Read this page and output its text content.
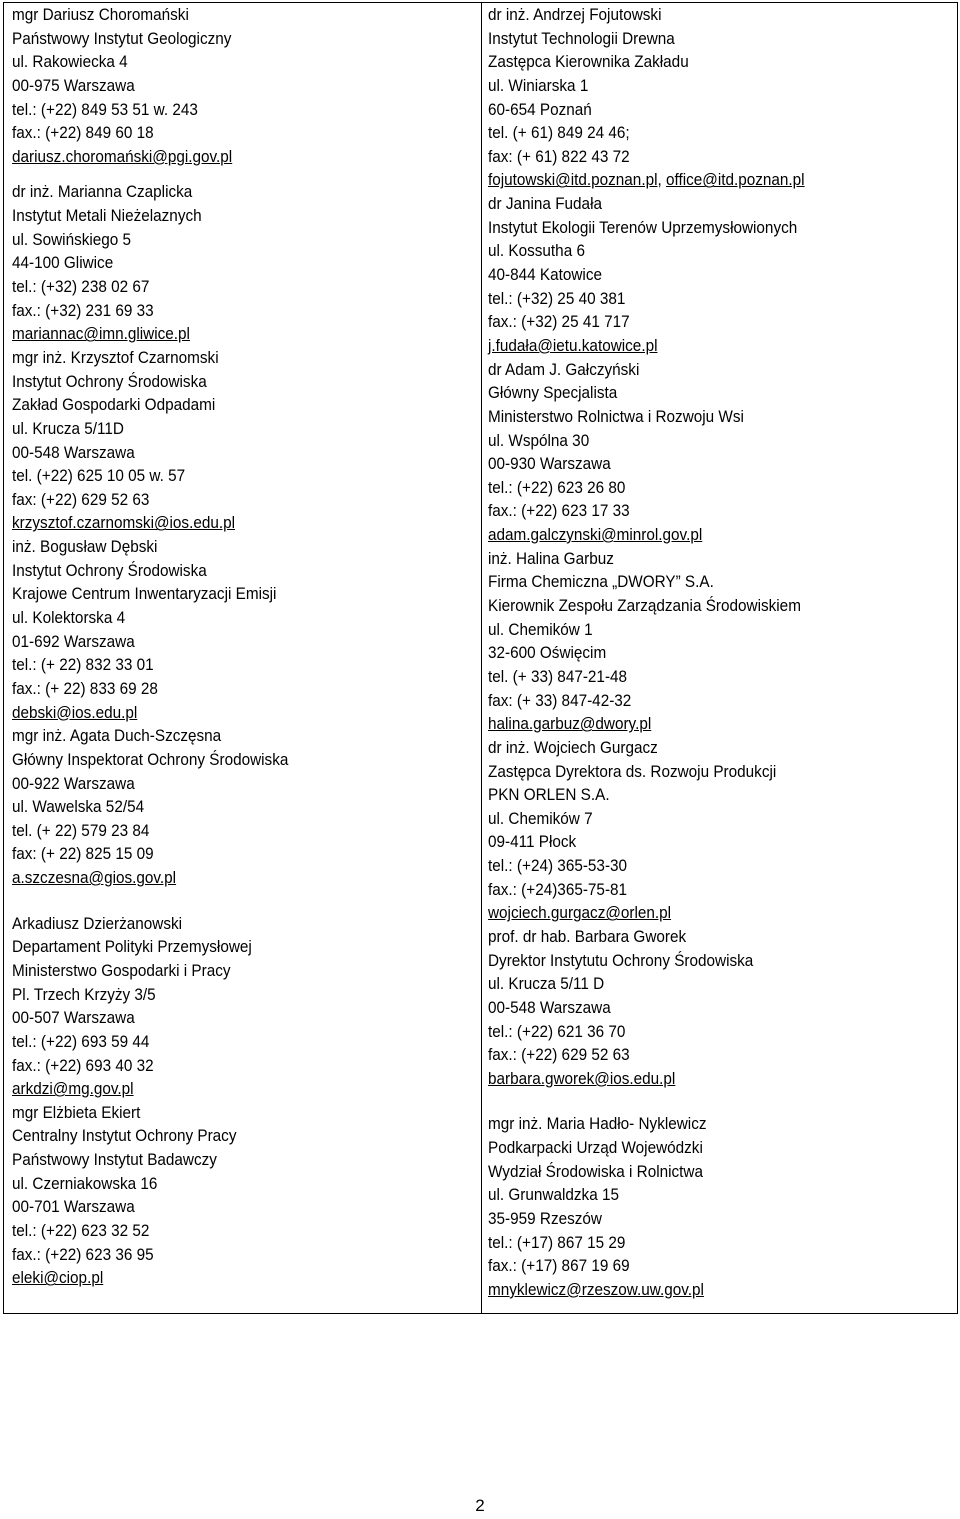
mgr Dariusz Choromański
Państwowy Instytut Geologiczny
ul. Rakowiecka 4
00-975 Warszawa
tel.: (+22) 849 53 51 w. 243
fax.: (+22) 849 60 18
dariusz.choromański@pgi.gov.pl
dr inż. Marianna Czaplicka
Instytut Metali Nieżelaznych
ul. Sowińskiego 5
44-100 Gliwice
tel.: (+32) 238 02 67
fax.: (+32) 231 69 33
mariannac@imn.gliwice.pl
mgr inż. Krzysztof Czarnomski
Instytut Ochrony Środowiska
Zakład Gospodarki Odpadami
ul. Krucza 5/11D
00-548 Warszawa
tel. (+22) 625 10 05 w. 57
fax: (+22) 629 52 63
krzysztof.czarnomski@ios.edu.pl
inż. Bogusław Dębski
Instytut Ochrony Środowiska
Krajowe Centrum Inwentaryzacji Emisji
ul. Kolektorska 4
01-692 Warszawa
tel.: (+ 22) 832 33 01
fax.: (+ 22) 833 69 28
debski@ios.edu.pl
mgr inż. Agata Duch-Szczęsna
Główny Inspektorat Ochrony Środowiska
00-922 Warszawa
ul. Wawelska 52/54
tel. (+ 22) 579 23 84
fax: (+ 22) 825 15 09
a.szczesna@gios.gov.pl
Arkadiusz Dzierżanowski
Departament Polityki Przemysłowej
Ministerstwo Gospodarki i Pracy
Pl. Trzech Krzyży 3/5
00-507 Warszawa
tel.: (+22) 693 59 44
fax.: (+22) 693 40 32
arkdzi@mg.gov.pl
mgr Elżbieta Ekiert
Centralny Instytut Ochrony Pracy
Państwowy Instytut Badawczy
ul. Czerniakowska 16
00-701 Warszawa
tel.: (+22) 623 32 52
fax.: (+22) 623 36 95
eleki@ciop.pl
dr inż. Andrzej Fojutowski
Instytut Technologii Drewna
Zastępca Kierownika Zakładu
ul. Winiarska 1
60-654 Poznań
tel. (+ 61) 849 24 46;
fax: (+ 61) 822 43 72
fojutowski@itd.poznan.pl, office@itd.poznan.pl
dr Janina Fudała
Instytut Ekologii Terenów Uprzemysłowionych
ul. Kossutha 6
40-844 Katowice
tel.: (+32) 25 40 381
fax.: (+32) 25 41 717
j.fudała@ietu.katowice.pl
dr Adam J. Gałczyński
Główny Specjalista
Ministerstwo Rolnictwa i Rozwoju Wsi
ul. Wspólna 30
00-930 Warszawa
tel.: (+22) 623 26 80
fax.: (+22) 623 17 33
adam.galczynski@minrol.gov.pl
inż. Halina Garbuz
Firma Chemiczna „DWORY” S.A.
Kierownik Zespołu Zarządzania Środowiskiem
ul. Chemików 1
32-600 Oświęcim
tel. (+ 33) 847-21-48
fax: (+ 33) 847-42-32
halina.garbuz@dwory.pl
dr inż. Wojciech Gurgacz
Zastępca Dyrektora ds. Rozwoju Produkcji
PKN ORLEN S.A.
ul. Chemików 7
09-411 Płock
tel.: (+24) 365-53-30
fax.: (+24)365-75-81
wojciech.gurgacz@orlen.pl
prof. dr hab. Barbara Gworek
Dyrektor Instytutu Ochrony Środowiska
ul. Krucza 5/11 D
00-548 Warszawa
tel.: (+22) 621 36 70
fax.: (+22) 629 52 63
barbara.gworek@ios.edu.pl
mgr inż. Maria Hadło- Nyklewicz
Podkarpacki Urząd Wojewódzki
Wydział Środowiska i Rolnictwa
ul. Grunwaldzka 15
35-959 Rzeszów
tel.: (+17) 867 15 29
fax.: (+17) 867 19 69
mnyklewicz@rzeszow.uw.gov.pl
2
